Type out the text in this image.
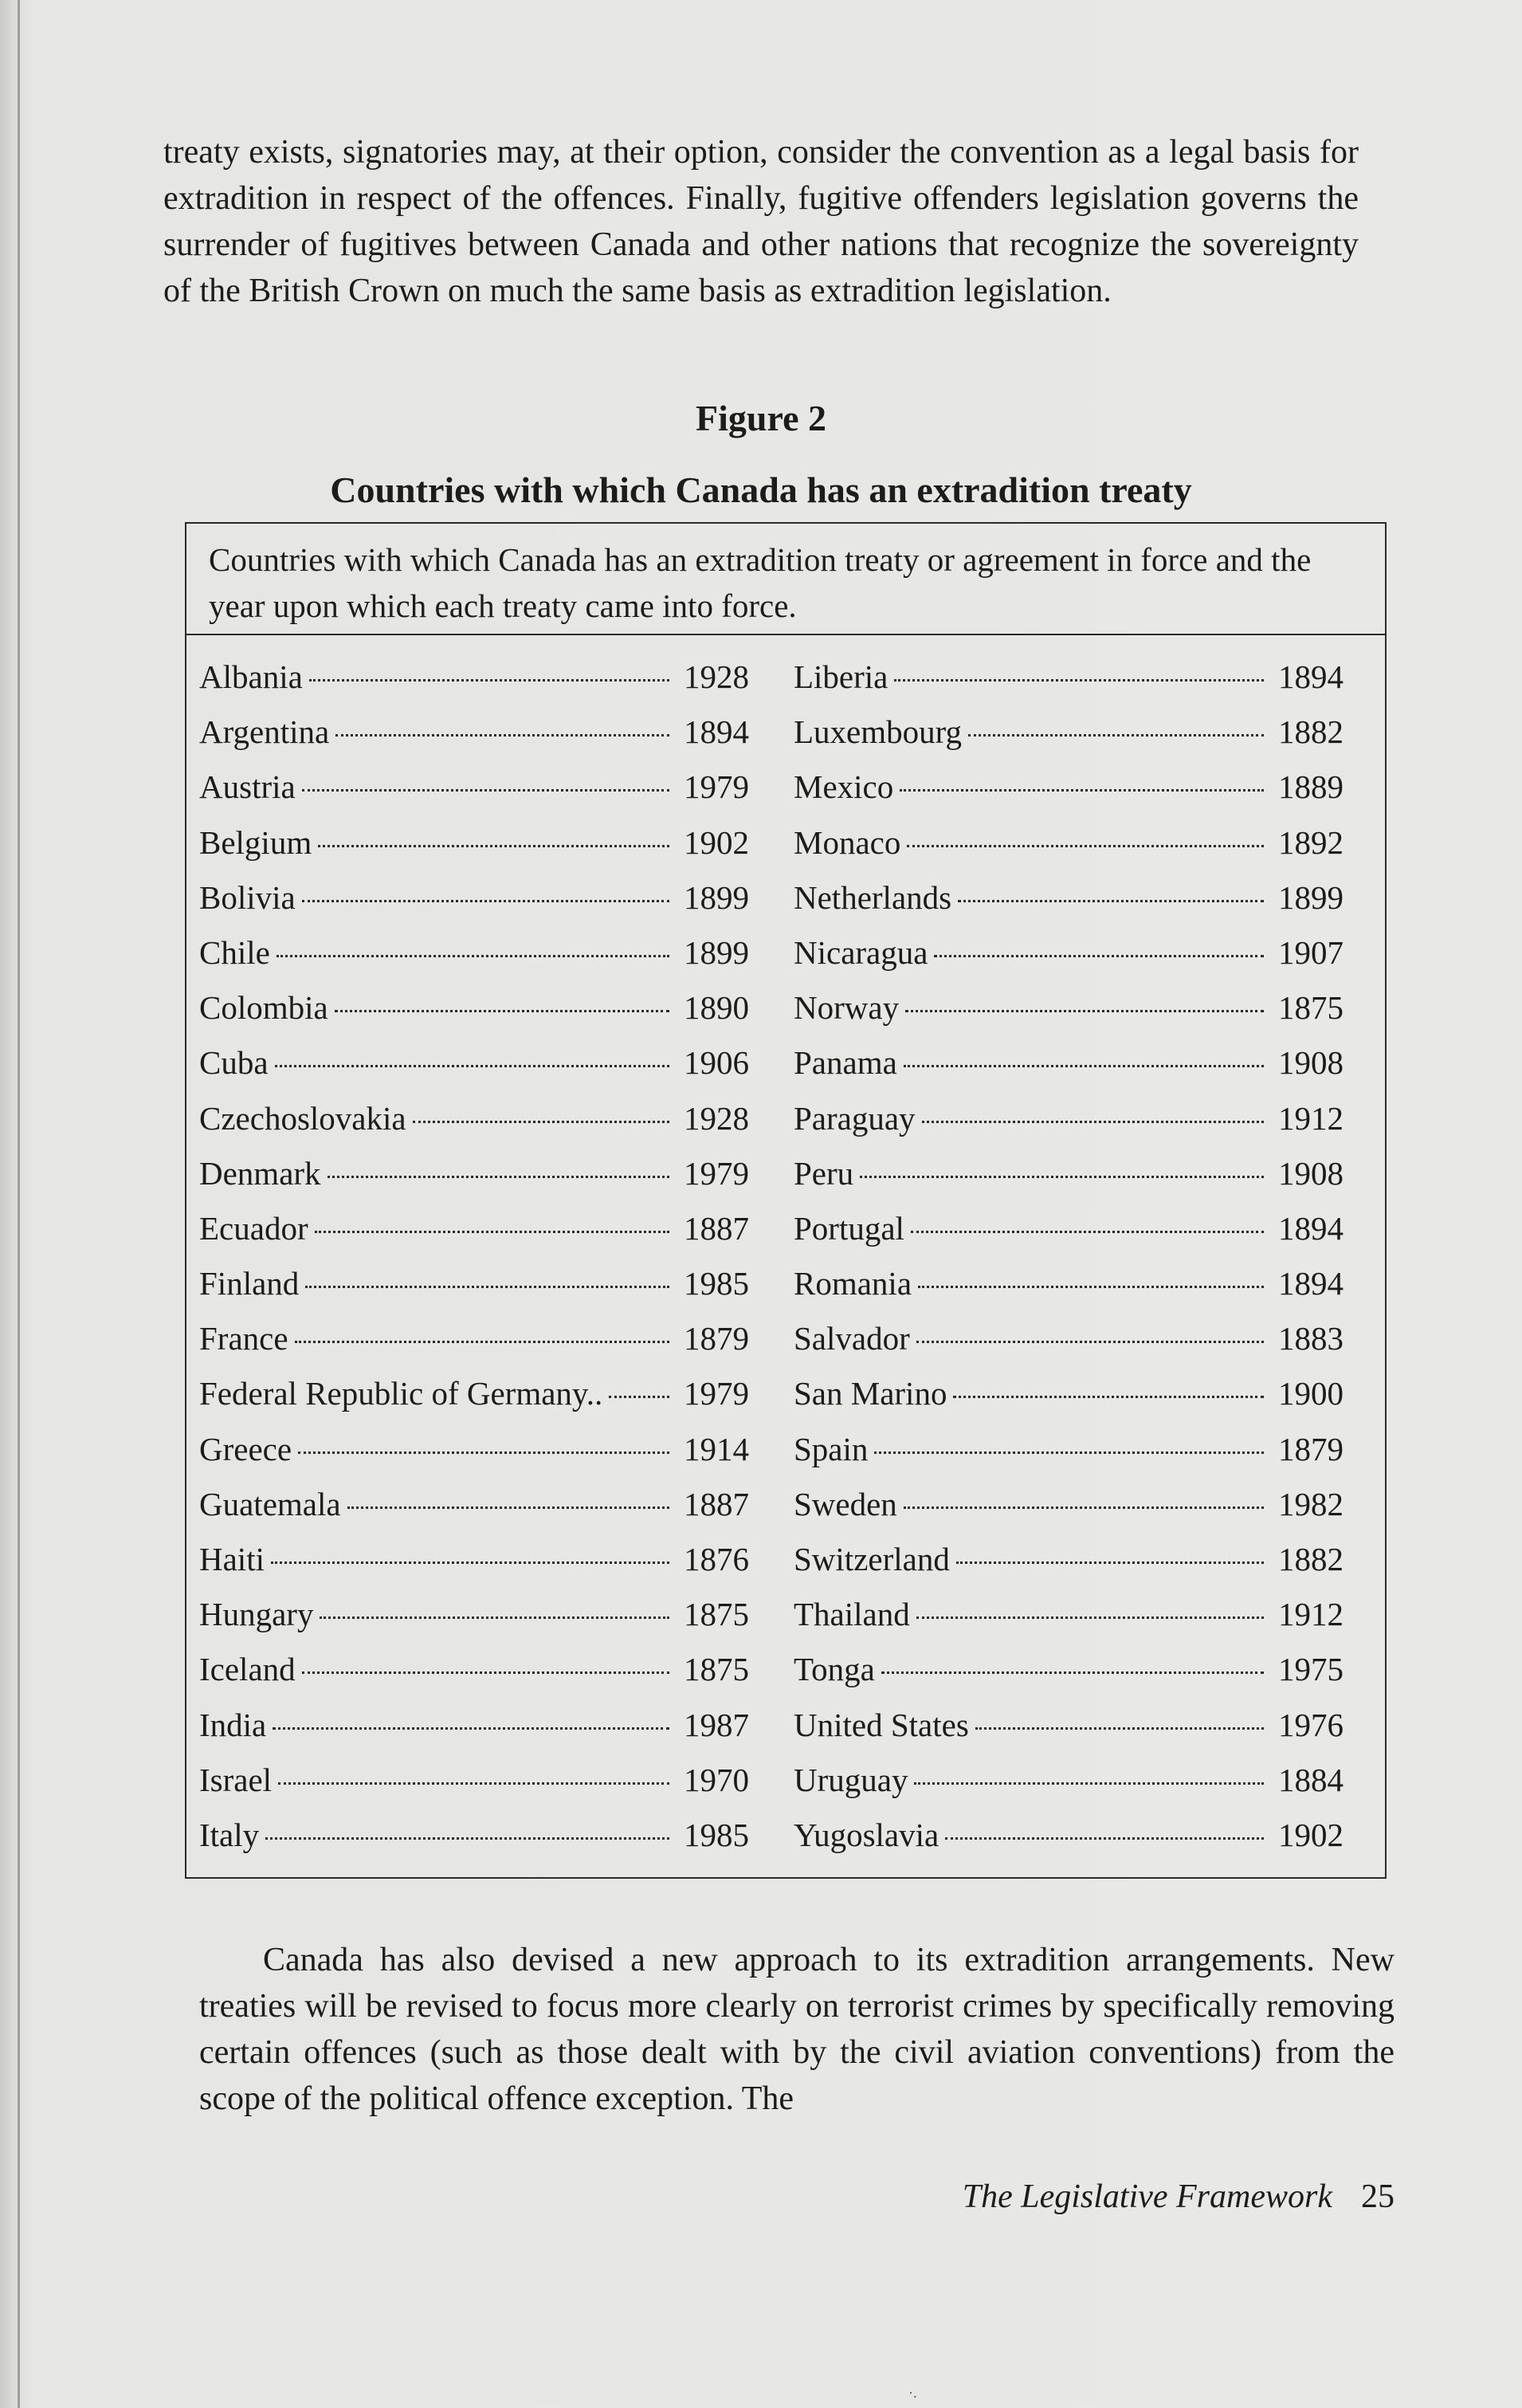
treaty exists, signatories may, at their option, consider the convention as a legal basis for extradition in respect of the offences. Finally, fugitive offenders legislation governs the surrender of fugitives between Canada and other nations that recognize the sovereignty of the British Crown on much the same basis as extradition legislation.
Figure 2
Countries with which Canada has an extradition treaty
Countries with which Canada has an extradition treaty or agreement in force and the year upon which each treaty came into force.
Albania	1928
Argentina	1894
Austria	1979
Belgium	1902
Bolivia	1899
Chile	1899
Colombia	1890
Cuba	1906
Czechoslovakia	1928
Denmark	1979
Ecuador	1887
Finland	1985
France	1879
Federal Republic of Germany.. 1979
Greece	1914
Guatemala	1887
Haiti	1876
Hungary	1875
Iceland	1875
India	1987
Israel	1970
Italy	1985
Liberia	1894
Luxembourg	1882
Mexico	1889
Monaco	1892
Netherlands	1899
Nicaragua	1907
Norway	1875
Panama	1908
Paraguay	1912
Peru	1908
Portugal	1894
Romania	1894
Salvador	1883
San Marino	1900
Spain	1879
Sweden	1982
Switzerland	1882
Thailand	1912
Tonga	1975
United States	1976
Uruguay	1884
Yugoslavia	1902
Canada has also devised a new approach to its extradition arrangements. New treaties will be revised to focus more clearly on terrorist crimes by specifically removing certain offences (such as those dealt with by the civil aviation conventions) from the scope of the political offence exception. The
The Legislative Framework 25
·.
